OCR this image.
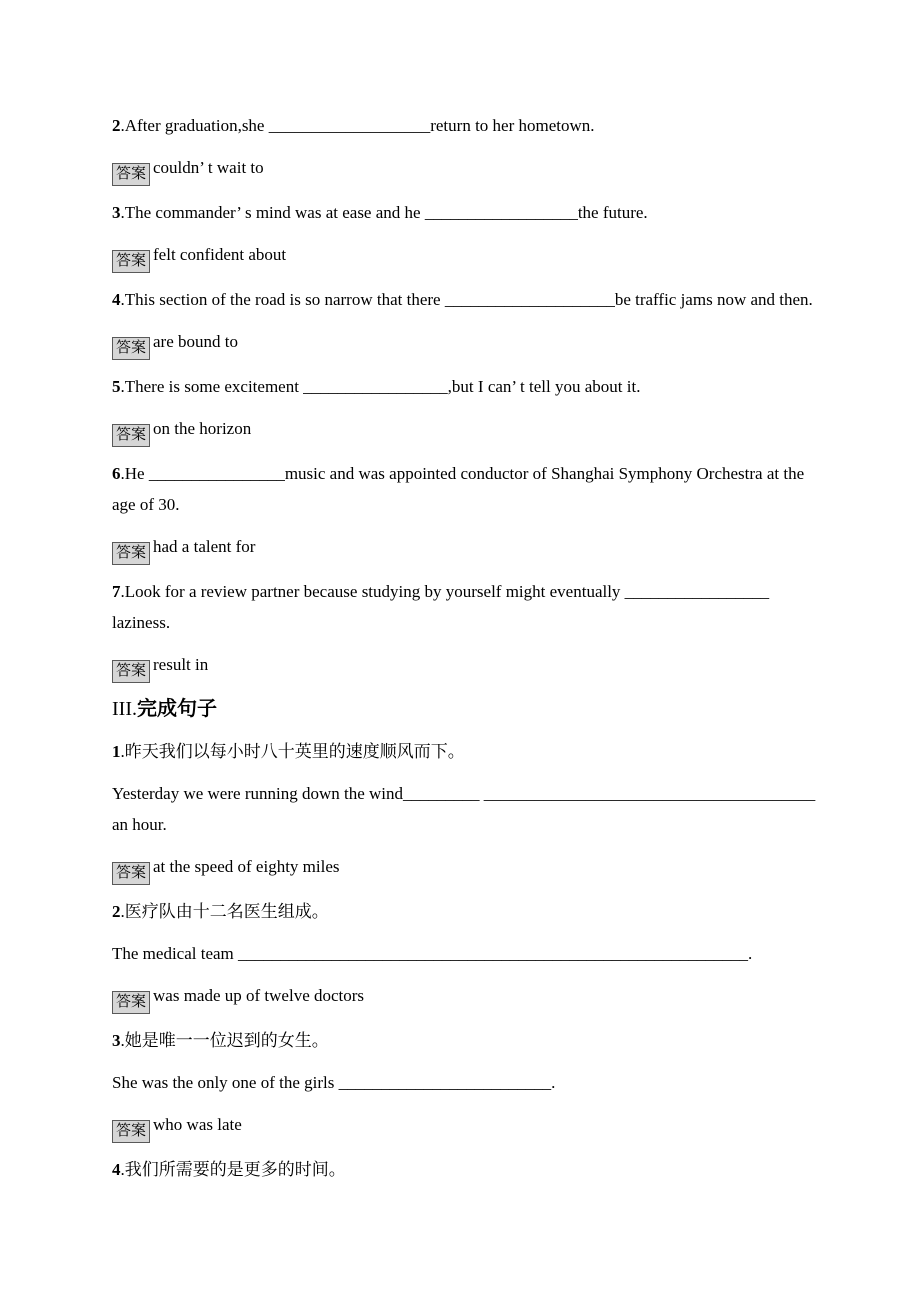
2.After graduation,she ___________________return to her hometown.

答案 couldn’ t wait to

3.The commander’ s mind was at ease and he __________________the future.

答案 felt confident about

4.This section of the road is so narrow that there ____________________be traffic jams now and then.

答案 are bound to

5.There is some excitement _________________,but I can’ t tell you about it.

答案 on the horizon

6.He ________________music and was appointed conductor of Shanghai Symphony Orchestra at the
age of 30.

答案 had a talent for

7.Look for a review partner because studying by yourself might eventually _________________
laziness.

答案 result in

III.完成句子

1.昨天我们以每小时八十英里的速度顺风而下。

Yesterday we were running down the wind_________ _______________________________________
an hour.

答案 at the speed of eighty miles

2.医疗队由十二名医生组成。

The medical team ____________________________________________________________.

答案 was made up of twelve doctors

3.她是唯一一位迟到的女生。

She was the only one of the girls _________________________.

答案 who was late

4.我们所需要的是更多的时间。
